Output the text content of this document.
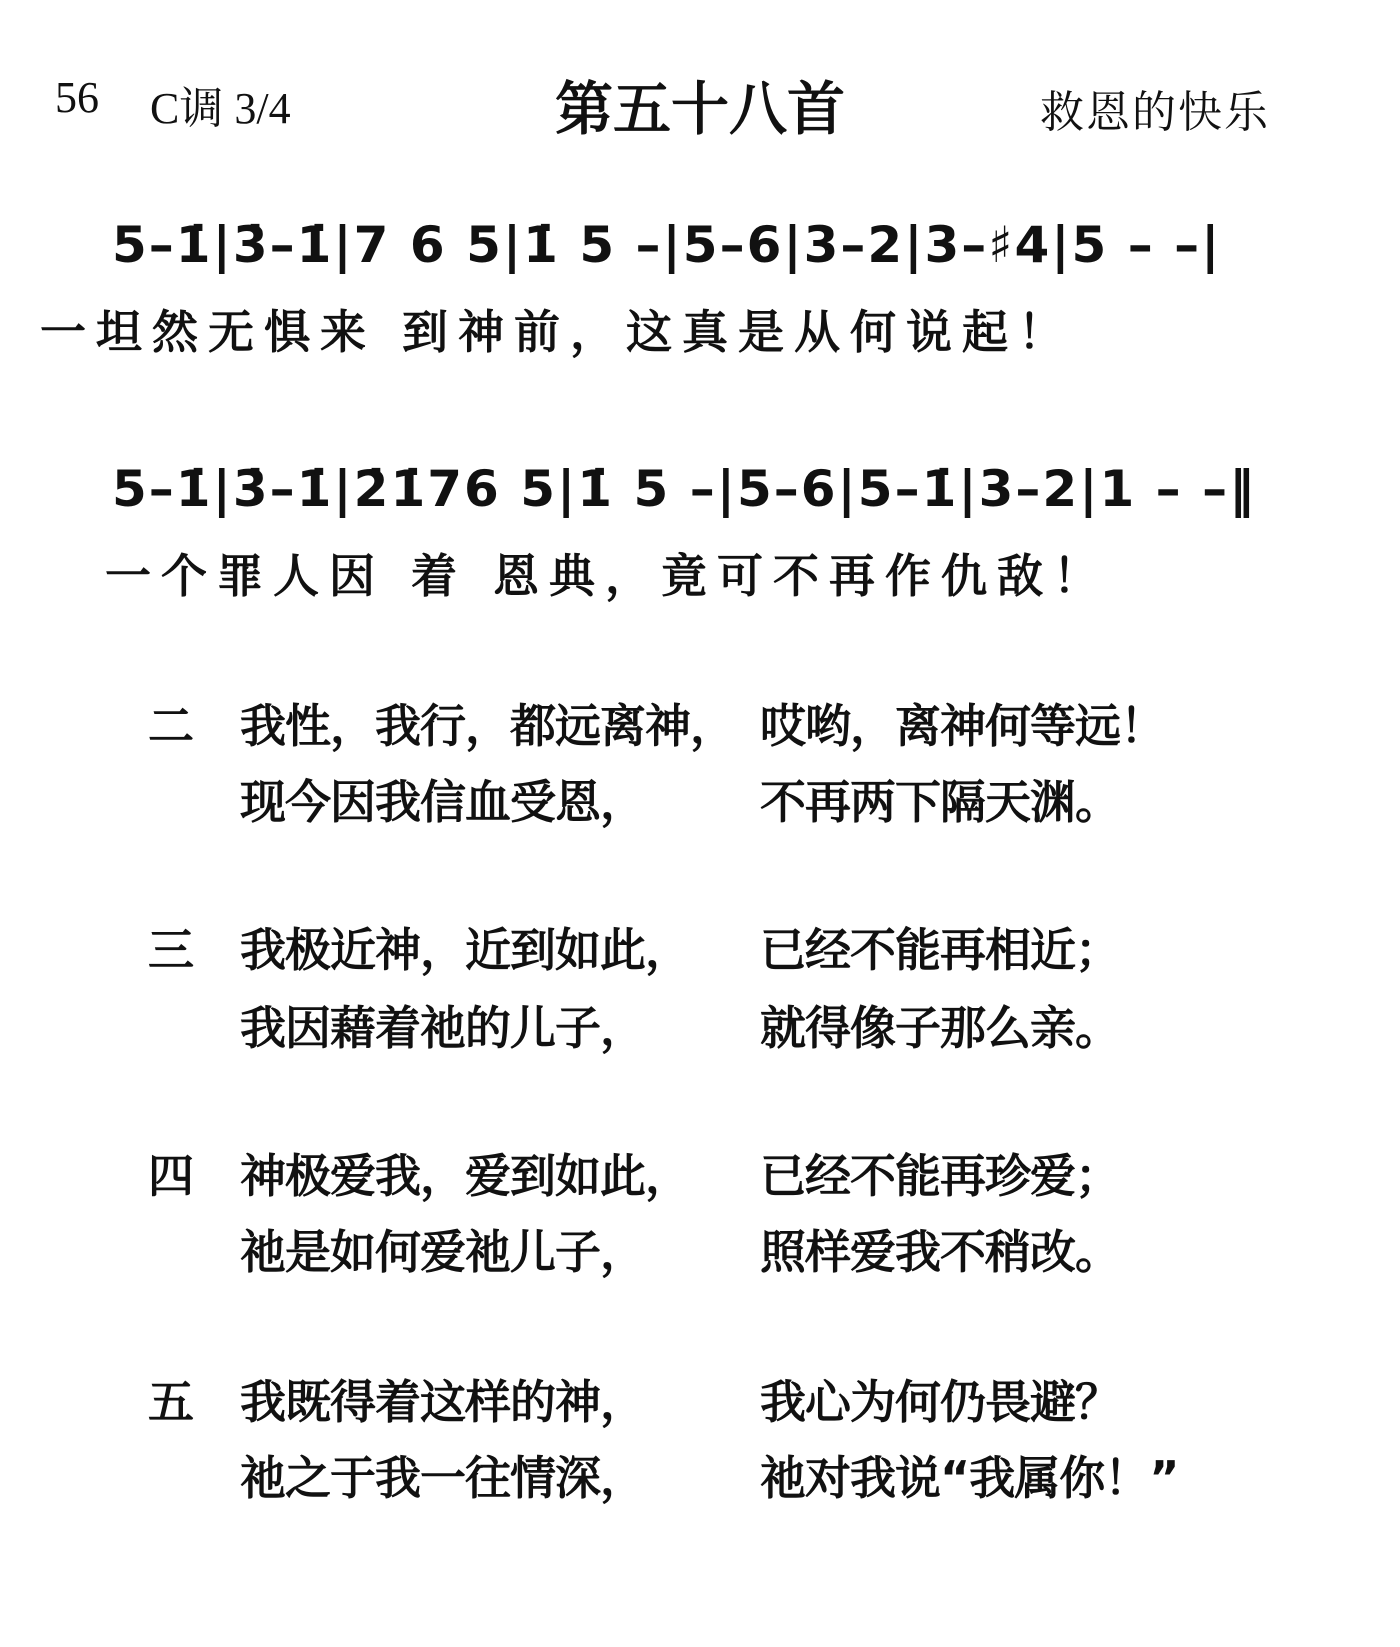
56 C调 3/4	第五十八首	救恩的快乐
5–1̇|3̇–1̇|7 6 5|1̇ 5 –|5–6|3–2|3–♯4|5 – –|
一坦然无惧来 到神前，这真是从何说起！
5–1̇|3̇–1̇|2̇1̇76 5|1̇ 5 –|5–6|5–1̇|3–2|1 – –‖
一个罪人因 着 恩典，竟可不再作仇敌！
二 我性，我行，都远离神， 哎哟，离神何等远！
现今因我信血受恩，	不再两下隔天渊。
三 我极近神，近到如此， 已经不能再相近；
我因藉着祂的儿子，	就得像子那么亲。
四 神极爱我，爱到如此， 已经不能再珍爱；
祂是如何爱祂儿子，	照样爱我不稍改。
五 我既得着这样的神，	我心为何仍畏避？
祂之于我一往情深，	祂对我说“我属你！”
